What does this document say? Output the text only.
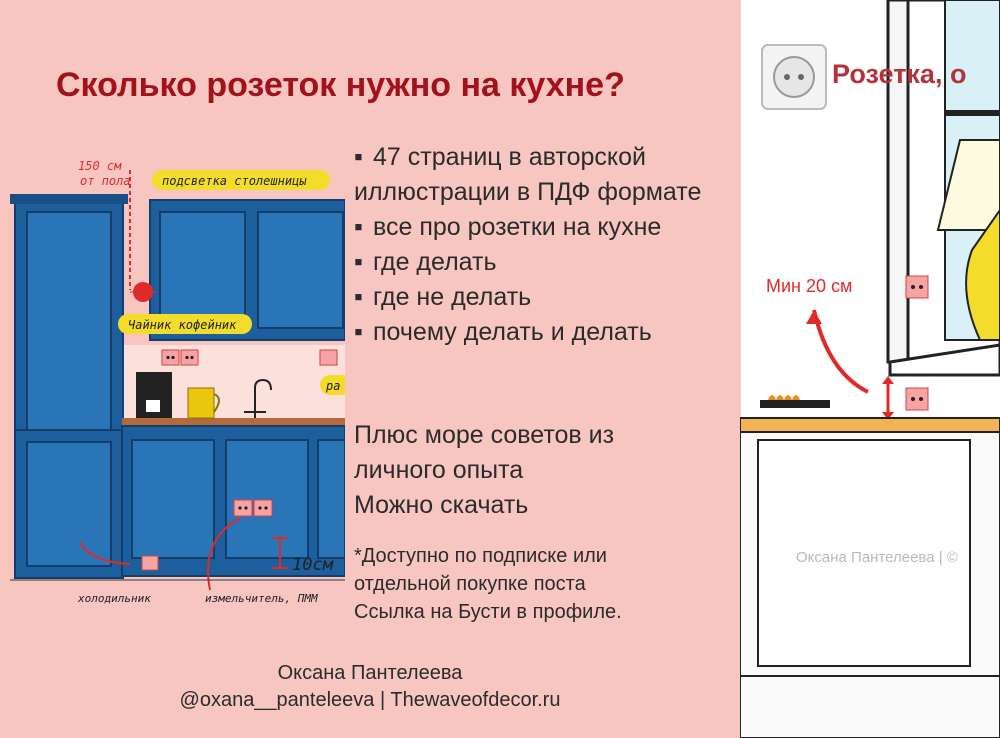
Сколько розеток нужно на кухне?
150 см
от пола	подсветка столешницы
Чайник кофейник
ра
10см
холодильник	измельчитель, ПММ
▪ 47 страниц в авторской иллюстрации в ПДФ формате
▪ все про розетки на кухне
▪ где делать
▪ где не делать
▪ почему делать и делать
Плюс море советов из
личного опыта
Можно скачать
*Доступно по подписке или
отдельной покупке поста
Ссылка на Бусти в профиле.
Оксана Пантелеева
@oxana__panteleeva | Thewaveofdecor.ru
Розетка, о
Мин 20 см
Оксана Пантелеева | ©
